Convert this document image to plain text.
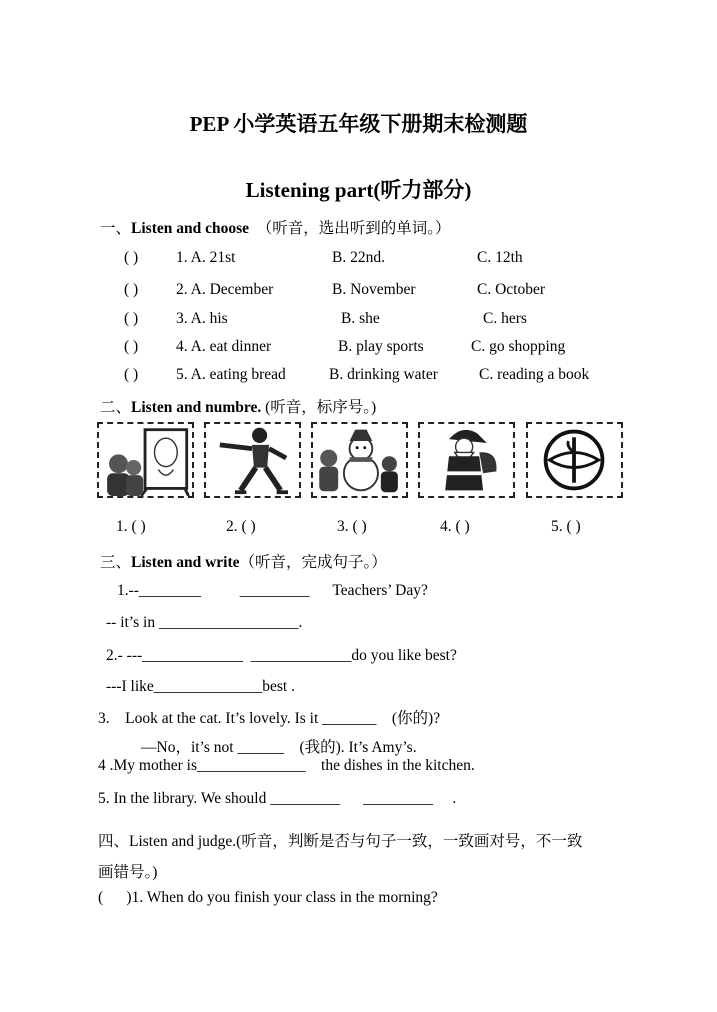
PEP 小学英语五年级下册期末检测题
Listening part(听力部分)
一、Listen and choose （听音，选出听到的单词。）
( ) 1. A. 21st	B. 22nd.	C. 12th
( ) 2. A. December	B. November	C. October
( ) 3. A. his	B. she	C. hers
( ) 4. A. eat dinner	B. play sports	C. go shopping
( ) 5. A. eating bread	B. drinking water	C. reading a book
二、Listen and numbre. (听音，标序号。)
1. ( )	2. ( )	3. ( )	4. ( )	5. ( )
三、Listen and write（听音，完成句子。）
1.--________          _________      Teachers’ Day?
-- it’s in __________________.
2.- ---_____________  _____________do you like best?
---I like______________best .
3.    Look at the cat. It’s lovely. Is it _______    (你的)?
—No，it’s not ______    (我的). It’s Amy’s.
4 .My mother is______________    the dishes in the kitchen.
5. In the library. We should _________      _________     .
四、Listen and judge.(听音，判断是否与句子一致，一致画对号，不一致
画错号。)
(      )1. When do you finish your class in the morning?
